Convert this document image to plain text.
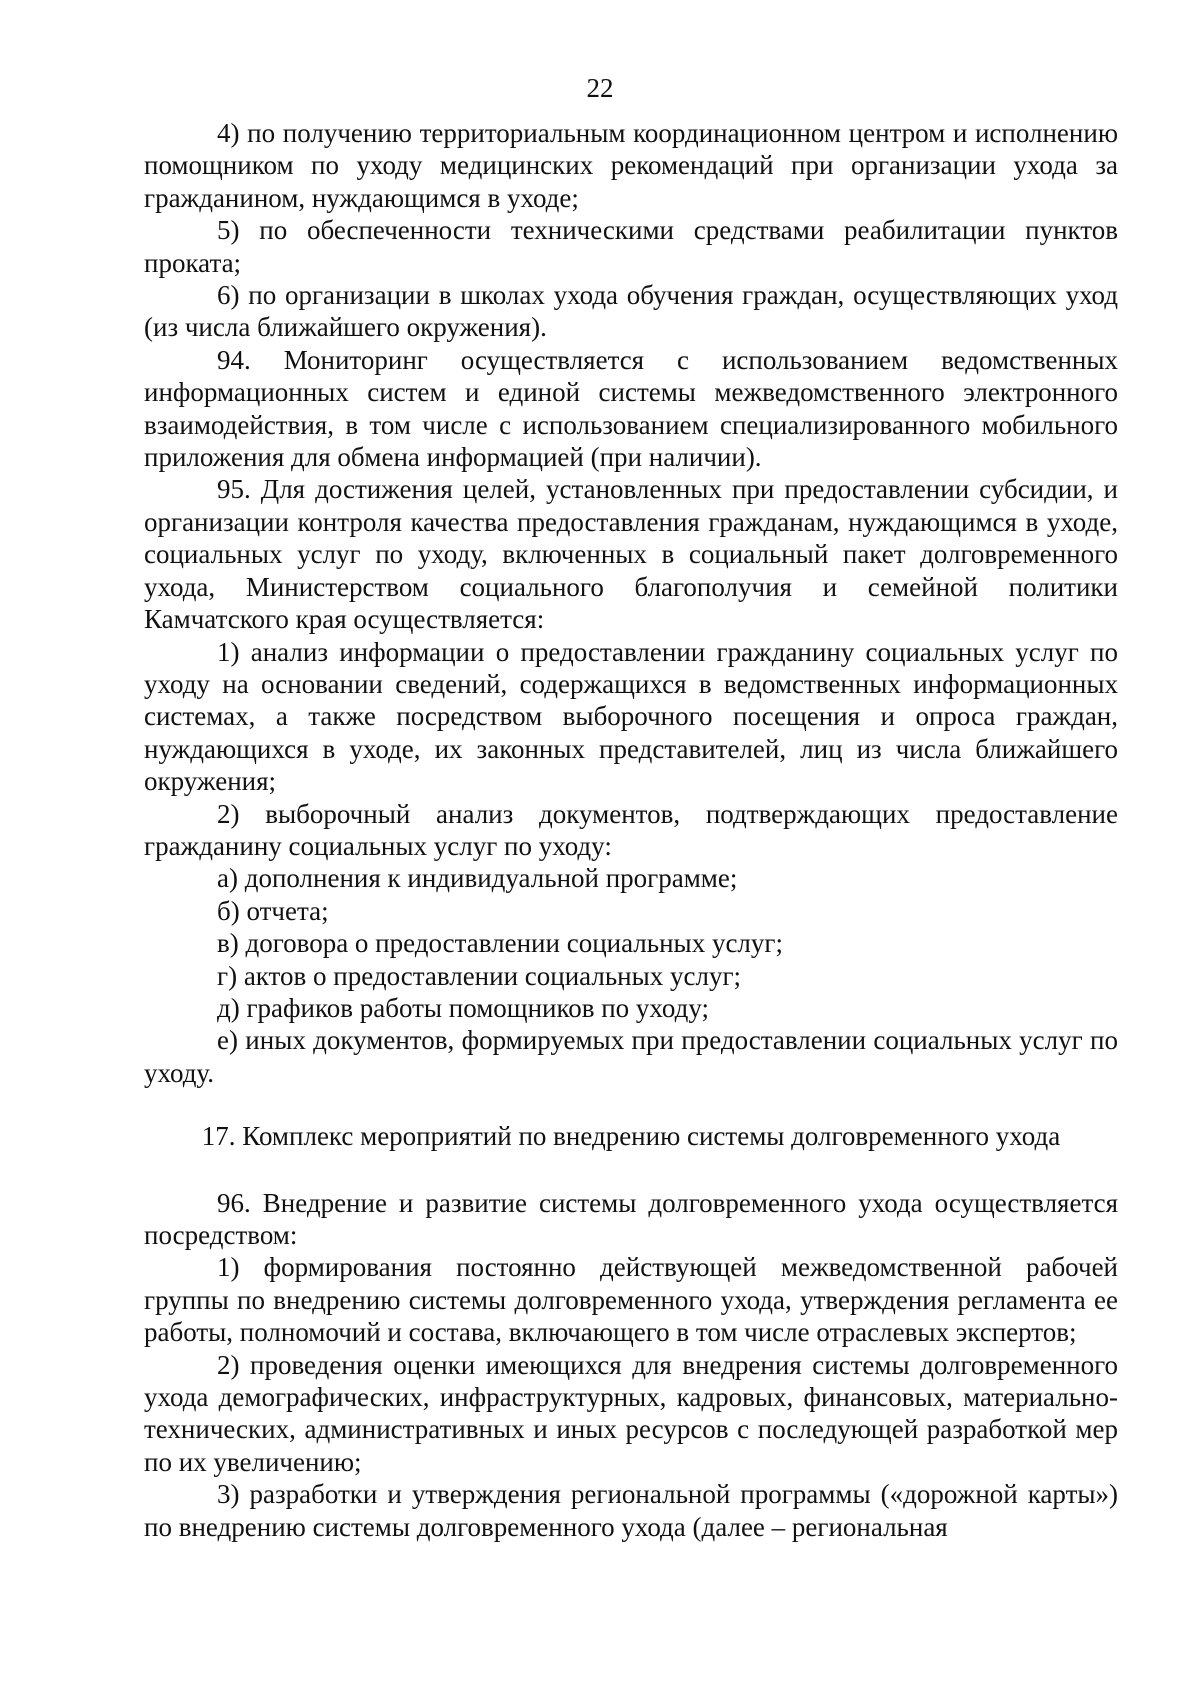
22

4) по получению территориальным координационном центром и исполнению помощником по уходу медицинских рекомендаций при организации ухода за гражданином, нуждающимся в уходе;

5) по обеспеченности техническими средствами реабилитации пунктов проката;

6) по организации в школах ухода обучения граждан, осуществляющих уход (из числа ближайшего окружения).

94. Мониторинг осуществляется с использованием ведомственных информационных систем и единой системы межведомственного электронного взаимодействия, в том числе с использованием специализированного мобильного приложения для обмена информацией (при наличии).

95. Для достижения целей, установленных при предоставлении субсидии, и организации контроля качества предоставления гражданам, нуждающимся в уходе, социальных услуг по уходу, включенных в социальный пакет долговременного ухода, Министерством социального благополучия и семейной политики Камчатского края осуществляется:

1) анализ информации о предоставлении гражданину социальных услуг по уходу на основании сведений, содержащихся в ведомственных информационных системах, а также посредством выборочного посещения и опроса граждан, нуждающихся в уходе, их законных представителей, лиц из числа ближайшего окружения;

2) выборочный анализ документов, подтверждающих предоставление гражданину социальных услуг по уходу:

а) дополнения к индивидуальной программе;

б) отчета;

в) договора о предоставлении социальных услуг;

г) актов о предоставлении социальных услуг;

д) графиков работы помощников по уходу;

е) иных документов, формируемых при предоставлении социальных услуг по уходу.

17. Комплекс мероприятий по внедрению системы долговременного ухода

96. Внедрение и развитие системы долговременного ухода осуществляется посредством:

1) формирования постоянно действующей межведомственной рабочей группы по внедрению системы долговременного ухода, утверждения регламента ее работы, полномочий и состава, включающего в том числе отраслевых экспертов;

2) проведения оценки имеющихся для внедрения системы долговременного ухода демографических, инфраструктурных, кадровых, финансовых, материально-технических, административных и иных ресурсов с последующей разработкой мер по их увеличению;

3) разработки и утверждения региональной программы («дорожной карты») по внедрению системы долговременного ухода (далее – региональная
